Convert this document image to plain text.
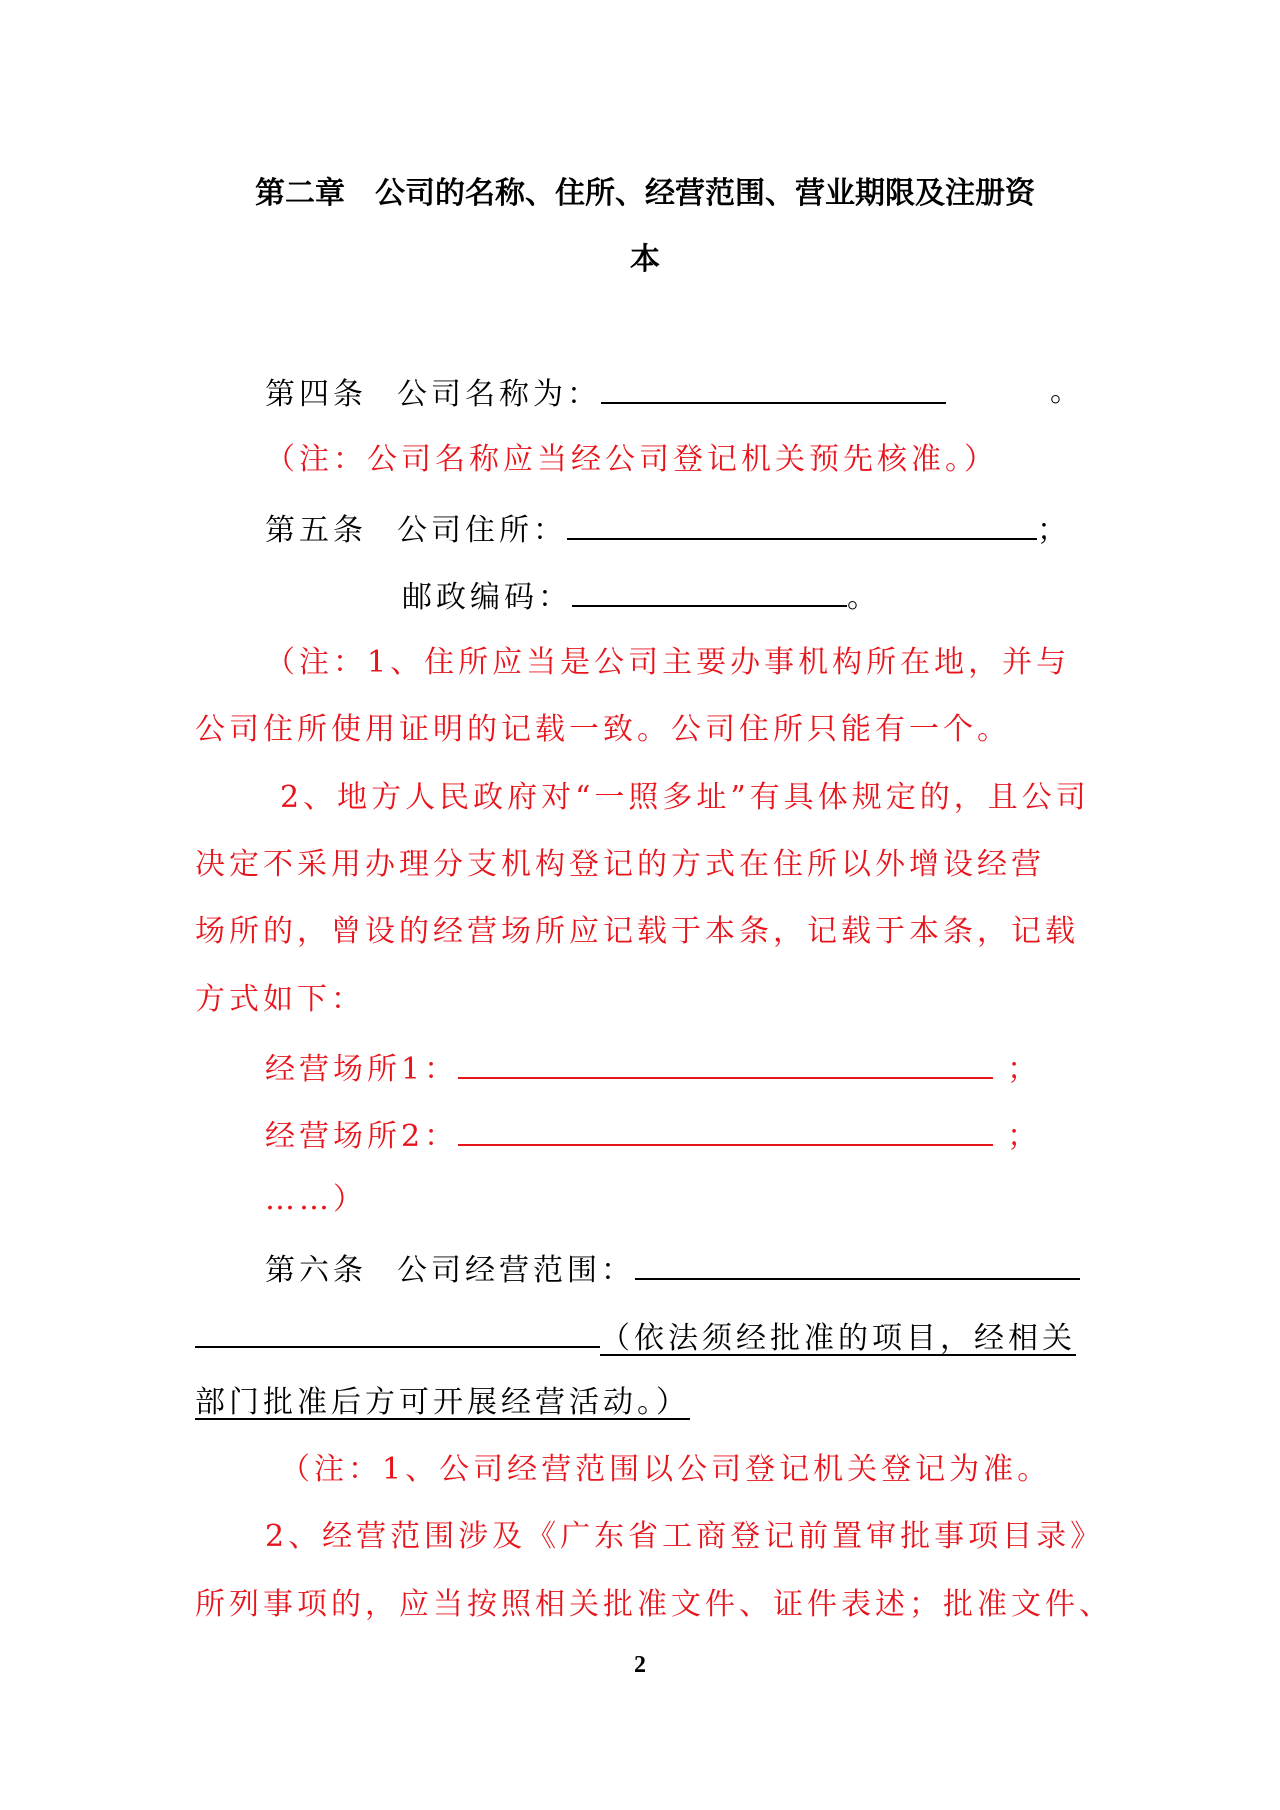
第二章　公司的名称、住所、经营范围、营业期限及注册资
本
第四条 公司名称为：	。
（注：公司名称应当经公司登记机关预先核准。）
第五条 公司住所：	；
邮政编码：	。
（注：1、住所应当是公司主要办事机构所在地，并与
公司住所使用证明的记载一致。公司住所只能有一个。
2、地方人民政府对“一照多址”有具体规定的，且公司
决定不采用办理分支机构登记的方式在住所以外增设经营
场所的，曾设的经营场所应记载于本条，记载于本条，记载
方式如下：
经营场所1：	；
经营场所2：	；
……）
第六条 公司经营范围：
（依法须经批准的项目，经相关
部门批准后方可开展经营活动。）
（注：1、公司经营范围以公司登记机关登记为准。
2、经营范围涉及《广东省工商登记前置审批事项目录》
所列事项的，应当按照相关批准文件、证件表述；批准文件、
2
